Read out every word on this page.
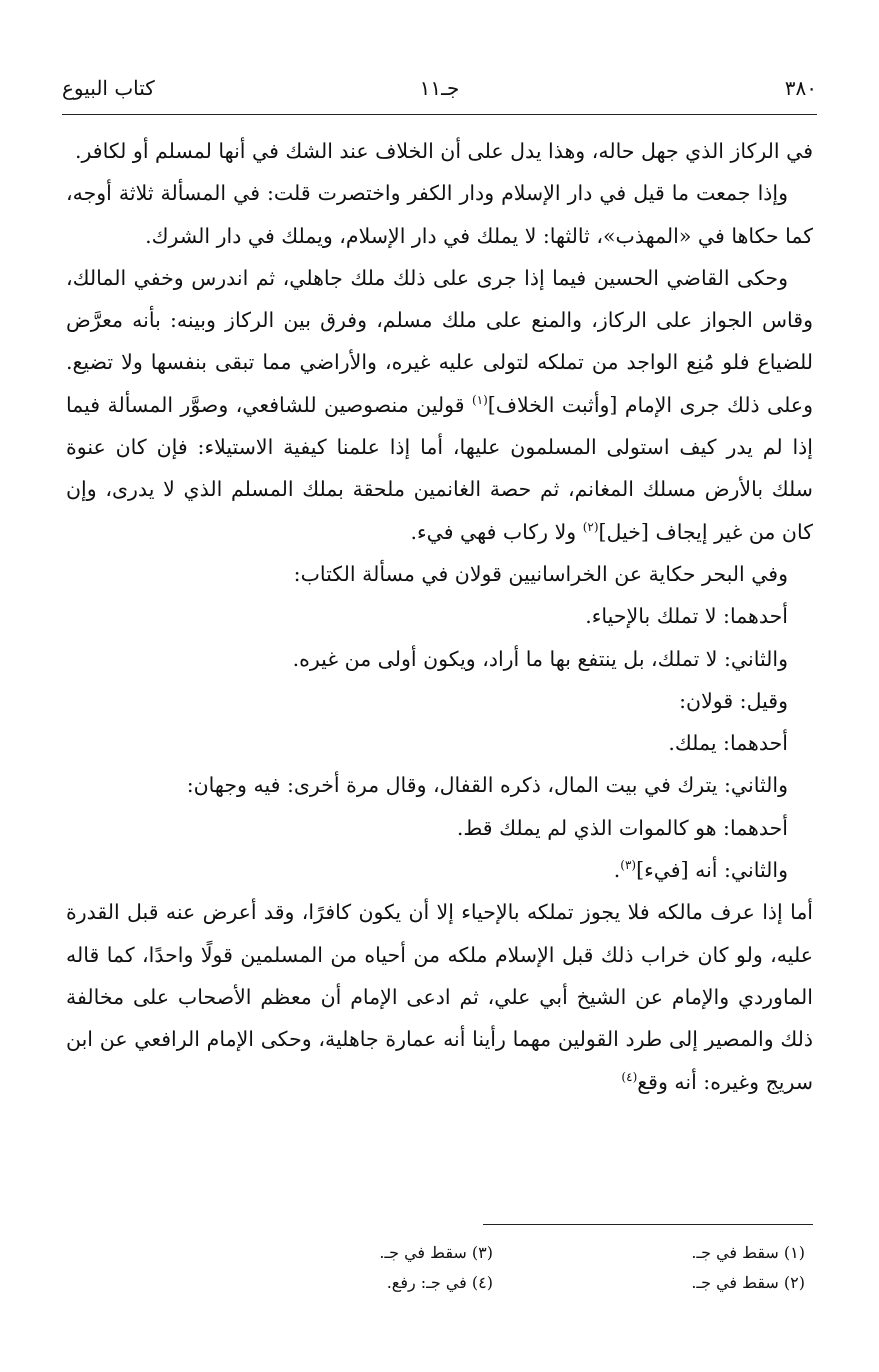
٣٨٠
جـ١١
كتاب البيوع

في الركاز الذي جهل حاله، وهذا يدل على أن الخلاف عند الشك في أنها لمسلم أو لكافر.

وإذا جمعت ما قيل في دار الإسلام ودار الكفر واختصرت قلت: في المسألة ثلاثة أوجه، كما حكاها في «المهذب»، ثالثها: لا يملك في دار الإسلام، ويملك في دار الشرك.

وحكى القاضي الحسين فيما إذا جرى على ذلك ملك جاهلي، ثم اندرس وخفي المالك، وقاس الجواز على الركاز، والمنع على ملك مسلم، وفرق بين الركاز وبينه: بأنه معرَّض للضياع فلو مُنِع الواجد من تملكه لتولى عليه غيره، والأراضي مما تبقى بنفسها ولا تضيع. وعلى ذلك جرى الإمام [وأثبت الخلاف]$^{(١)}$ قولين منصوصين للشافعي، وصوَّر المسألة فيما إذا لم يدر كيف استولى المسلمون عليها، أما إذا علمنا كيفية الاستيلاء: فإن كان عنوة سلك بالأرض مسلك المغانم، ثم حصة الغانمين ملحقة بملك المسلم الذي لا يدرى، وإن كان من غير إيجاف [خيل]$^{(٢)}$ ولا ركاب فهي فيء.

وفي البحر حكاية عن الخراسانيين قولان في مسألة الكتاب:

أحدهما: لا تملك بالإحياء.

والثاني: لا تملك، بل ينتفع بها ما أراد، ويكون أولى من غيره.

وقيل: قولان:

أحدهما: يملك.

والثاني: يترك في بيت المال، ذكره القفال، وقال مرة أخرى: فيه وجهان:

أحدهما: هو كالموات الذي لم يملك قط.

والثاني: أنه [فيء]$^{(٣)}$.

أما إذا عرف مالكه فلا يجوز تملكه بالإحياء إلا أن يكون كافرًا، وقد أعرض عنه قبل القدرة عليه، ولو كان خراب ذلك قبل الإسلام ملكه من أحياه من المسلمين قولًا واحدًا، كما قاله الماوردي والإمام عن الشيخ أبي علي، ثم ادعى الإمام أن معظم الأصحاب على مخالفة ذلك والمصير إلى طرد القولين مهما رأينا أنه عمارة جاهلية، وحكى الإمام الرافعي عن ابن سريج وغيره: أنه وقع$^{(٤)}$

(١) سقط في جـ.
(٢) سقط في جـ.
(٣) سقط في جـ.
(٤) في جـ: رفع.
